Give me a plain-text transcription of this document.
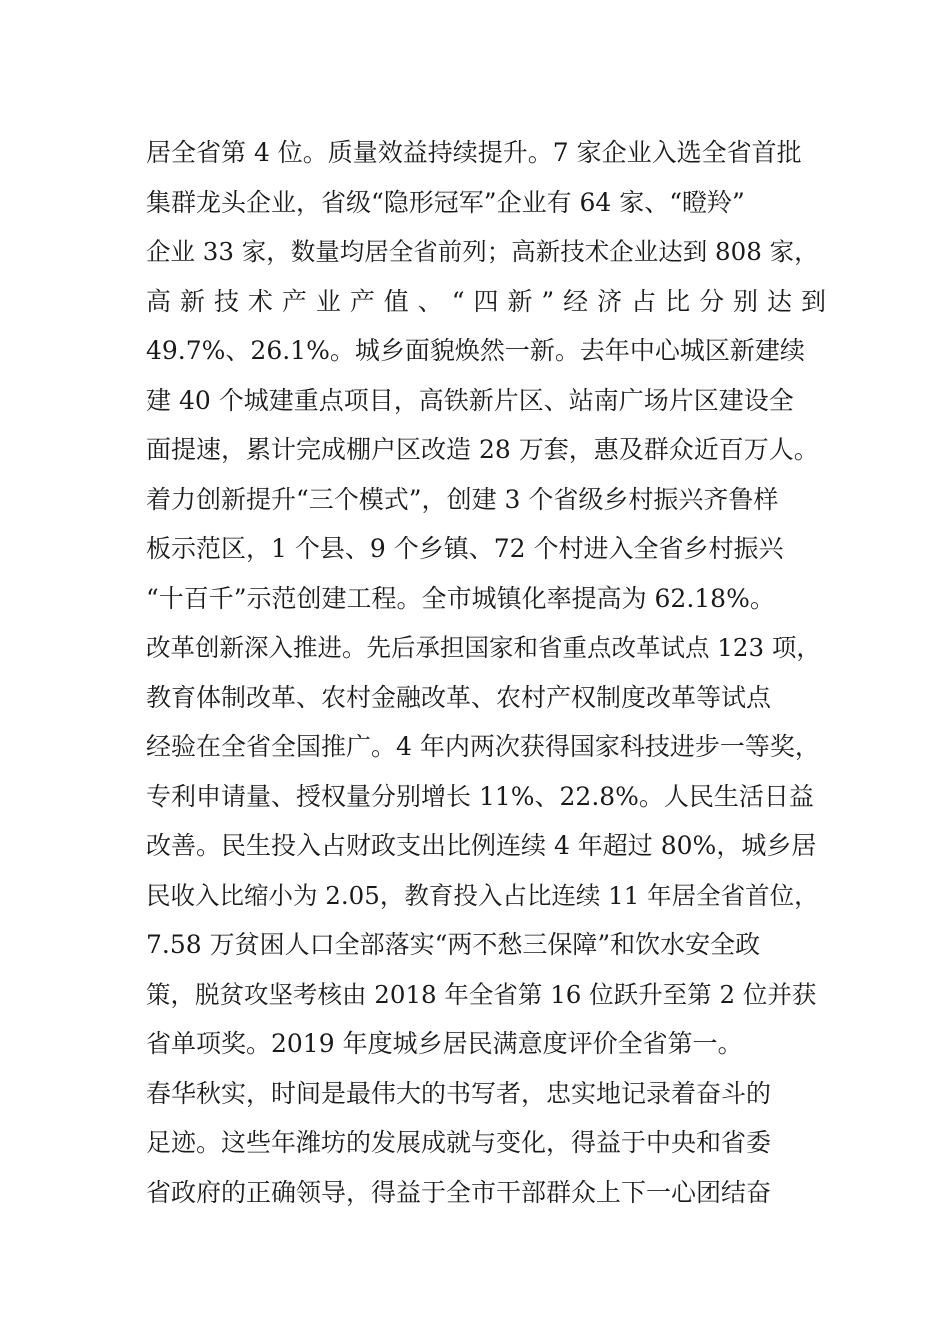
居全省第 4 位。质量效益持续提升。7 家企业入选全省首批
集群龙头企业，省级“隐形冠军”企业有 64 家、“瞪羚”
企业 33 家，数量均居全省前列；高新技术企业达到 808 家，
高新技术产业产值、“四新”经济占比分别达到
49.7%、26.1%。城乡面貌焕然一新。去年中心城区新建续
建 40 个城建重点项目，高铁新片区、站南广场片区建设全
面提速，累计完成棚户区改造 28 万套，惠及群众近百万人。
着力创新提升“三个模式”，创建 3 个省级乡村振兴齐鲁样
板示范区，1 个县、9 个乡镇、72 个村进入全省乡村振兴
“十百千”示范创建工程。全市城镇化率提高为 62.18%。
改革创新深入推进。先后承担国家和省重点改革试点 123 项，
教育体制改革、农村金融改革、农村产权制度改革等试点
经验在全省全国推广。4 年内两次获得国家科技进步一等奖，
专利申请量、授权量分别增长 11%、22.8%。人民生活日益
改善。民生投入占财政支出比例连续 4 年超过 80%，城乡居
民收入比缩小为 2.05，教育投入占比连续 11 年居全省首位，
7.58 万贫困人口全部落实“两不愁三保障”和饮水安全政
策，脱贫攻坚考核由 2018 年全省第 16 位跃升至第 2 位并获
省单项奖。2019 年度城乡居民满意度评价全省第一。
春华秋实，时间是最伟大的书写者，忠实地记录着奋斗的
足迹。这些年潍坊的发展成就与变化，得益于中央和省委
省政府的正确领导，得益于全市干部群众上下一心团结奋
